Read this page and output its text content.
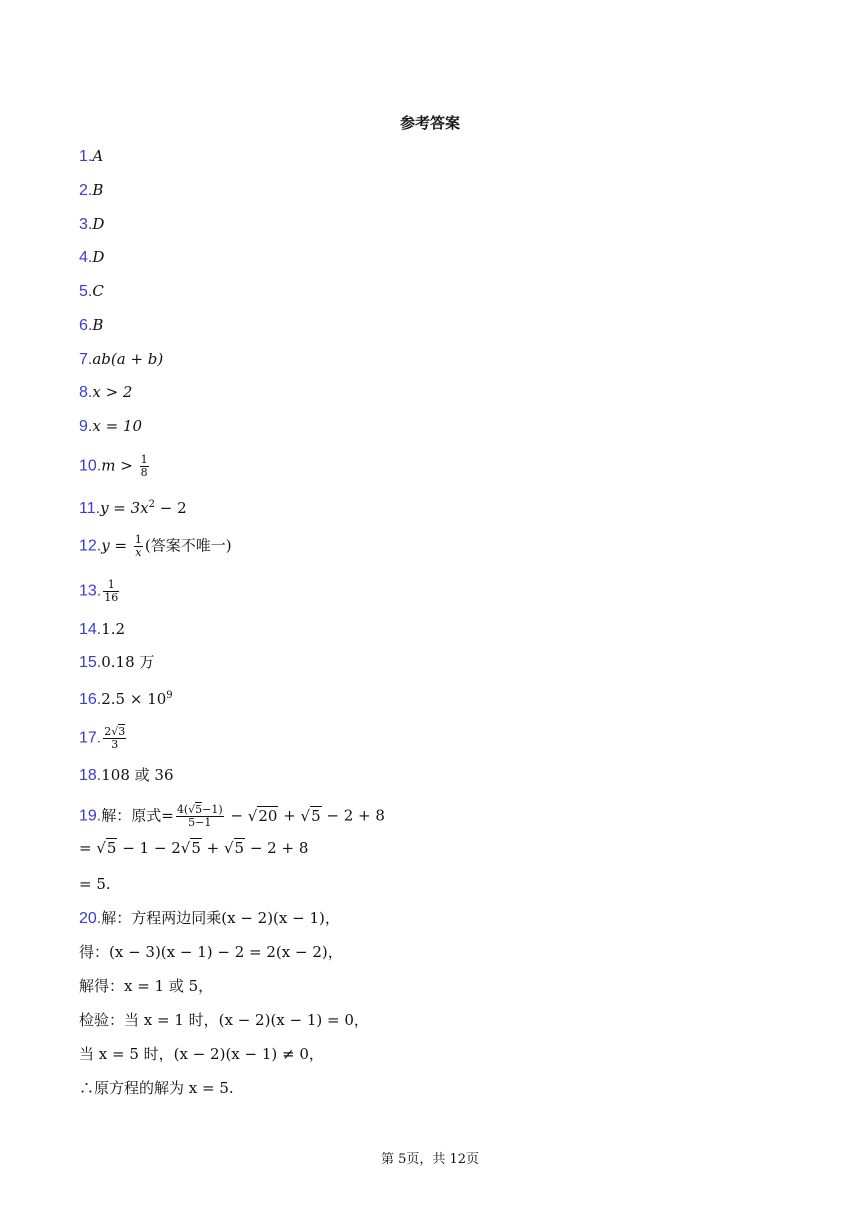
参考答案
1.A
2.B
3.D
4.D
5.C
6.B
7.ab(a + b)
8.x > 2
9.x = 10
$10.m > \frac{1}{8}$
$11.y = 3x^2 - 2$
$12.y = \frac{1}{x}$ (答案不唯一)
13. $\frac{1}{16}$
14.1.2
15.0.18 万
$16.2.5 \times 10^9$
17. $\frac{2√3}{3}$
18.108 或 36
19.解：原式= $\frac{4(√5-1)}{5-1} - √20 + √5 - 2 + 8$
= √5 − 1 − 2√5 + √5 − 2 + 8
= 5.
20.解：方程两边同乘(x − 2)(x − 1)，
得：(x − 3)(x − 1) − 2 = 2(x − 2)，
解得：x = 1 或 5，
检验：当 x = 1 时，(x − 2)(x − 1) = 0，
当 x = 5 时，(x − 2)(x − 1) ≠ 0，
∴原方程的解为 x = 5.
第 5页，共 12页
